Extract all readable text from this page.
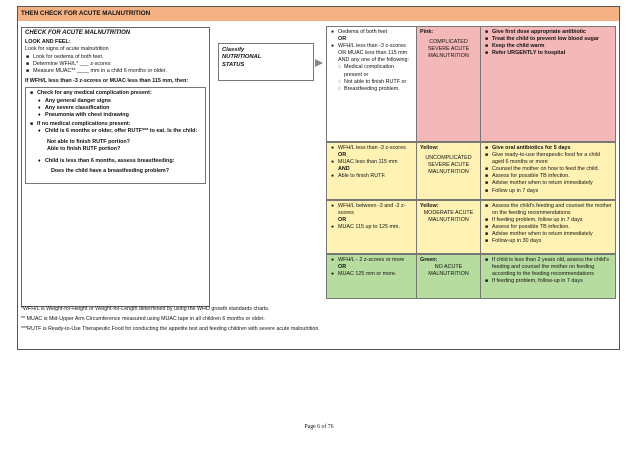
THEN CHECK FOR ACUTE MALNUTRITION
CHECK FOR ACUTE MALNUTRITION
LOOK AND FEEL:
Look for signs of acute malnutrition
■ Look for oedema of both feet.
■ Determine WFH/L* ___ z-scores
■ Measure MUAC** ____ mm in a child 6 months or older.
If WFH/L less than -3 z-scores or MUAC less than 115 mm, then:
■ Check for any medical complication present:
♦ Any general danger signs
♦ Any severe classification
♦ Pneumonia with chest indrawing
■ If no medical complications present:
♦ Child is 6 months or older, offer RUTF*** to eat. Is the child:
Not able to finish RUTF portion?
Able to finish RUTF portion?
♦ Child is less than 6 months, assess breastfeeding:
Does the child have a breastfeeding problem?
Classify
NUTRITIONAL
STATUS
● Oedema of both feet
OR
● WFH/L less than -3 z-scores OR MUAC less than 115 mm AND any one of the following:
♢ Medical complication present or
♢ Not able to finish RUTF or
♢ Breastfeeding problem.
Pink:
COMPLICATED SEVERE ACUTE MALNUTRITION
■ Give first dose appropriate antibiotic
■ Treat the child to prevent low blood sugar
■ Keep the child warm
■ Refer URGENTLY to hospital
● WFH/L less than -3 z-scores
OR
● MUAC less than 115 mm
AND
● Able to finish RUTF.
Yellow:
UNCOMPLICATED SEVERE ACUTE MALNUTRITION
■ Give oral antibiotics for 5 days
■ Give ready-to-use therapeutic food for a child aged 6 months or more
■ Counsel the mother on how to feed the child.
■ Assess for possible TB infection.
■ Advise mother when to return immediately
■ Follow up in 7 days
● WFH/L between -3 and -2 z-scores
OR
● MUAC 115 up to 125 mm.
Yellow:
MODERATE ACUTE MALNUTRITION
■ Assess the child's feeding and counsel the mother on the feeding recommendations
■ If feeding problem, follow up in 7 days
■ Assess for possible TB infection.
■ Advise mother when to return immediately
■ Follow-up in 30 days
● WFH/L - 2 z-scores or more
OR
● MUAC 125 mm or more.
Green:
NO ACUTE MALNUTRITION
■ If child is less than 2 years old, assess the child's feeding and counsel the mother on feeding according to the feeding recommendations
■ If feeding problem, follow-up in 7 days
*WFH/L is Weight-for-Height or Weight-for-Length determined by using the WHO growth standards charts.
** MUAC is Mid-Upper Arm Circumference measured using MUAC tape in all children 6 months or older.
***RUTF is Ready-to-Use Therapeutic Food for conducting the appetite test and feeding children with severe acute malnutrition.
Page 6 of 76
